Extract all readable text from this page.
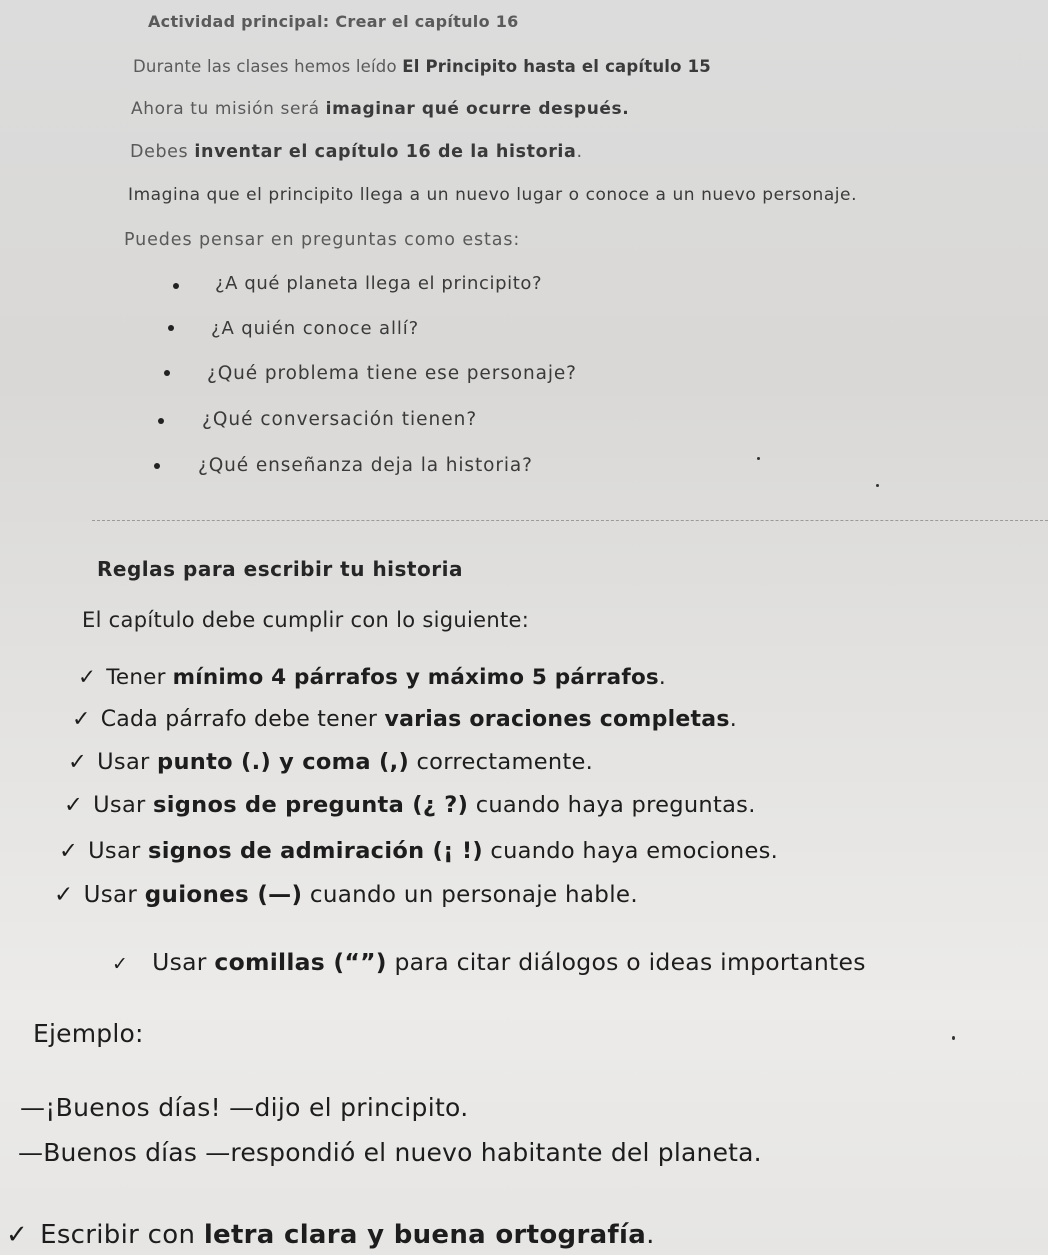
Actividad principal: Crear el capítulo 16
Durante las clases hemos leído El Principito hasta el capítulo 15
Ahora tu misión será imaginar qué ocurre después.
Debes inventar el capítulo 16 de la historia.
Imagina que el principito llega a un nuevo lugar o conoce a un nuevo personaje.
Puedes pensar en preguntas como estas:
¿A qué planeta llega el principito?
¿A quién conoce allí?
¿Qué problema tiene ese personaje?
¿Qué conversación tienen?
¿Qué enseñanza deja la historia?
Reglas para escribir tu historia
El capítulo debe cumplir con lo siguiente:
✓ Tener mínimo 4 párrafos y máximo 5 párrafos.
✓ Cada párrafo debe tener varias oraciones completas.
✓ Usar punto (.) y coma (,) correctamente.
✓ Usar signos de pregunta (¿ ?) cuando haya preguntas.
✓ Usar signos de admiración (¡ !) cuando haya emociones.
✓ Usar guiones (—) cuando un personaje hable.
✓ Usar comillas (“”) para citar diálogos o ideas importantes
Ejemplo:
—¡Buenos días! —dijo el principito.
—Buenos días —respondió el nuevo habitante del planeta.
✓ Escribir con letra clara y buena ortografía.
